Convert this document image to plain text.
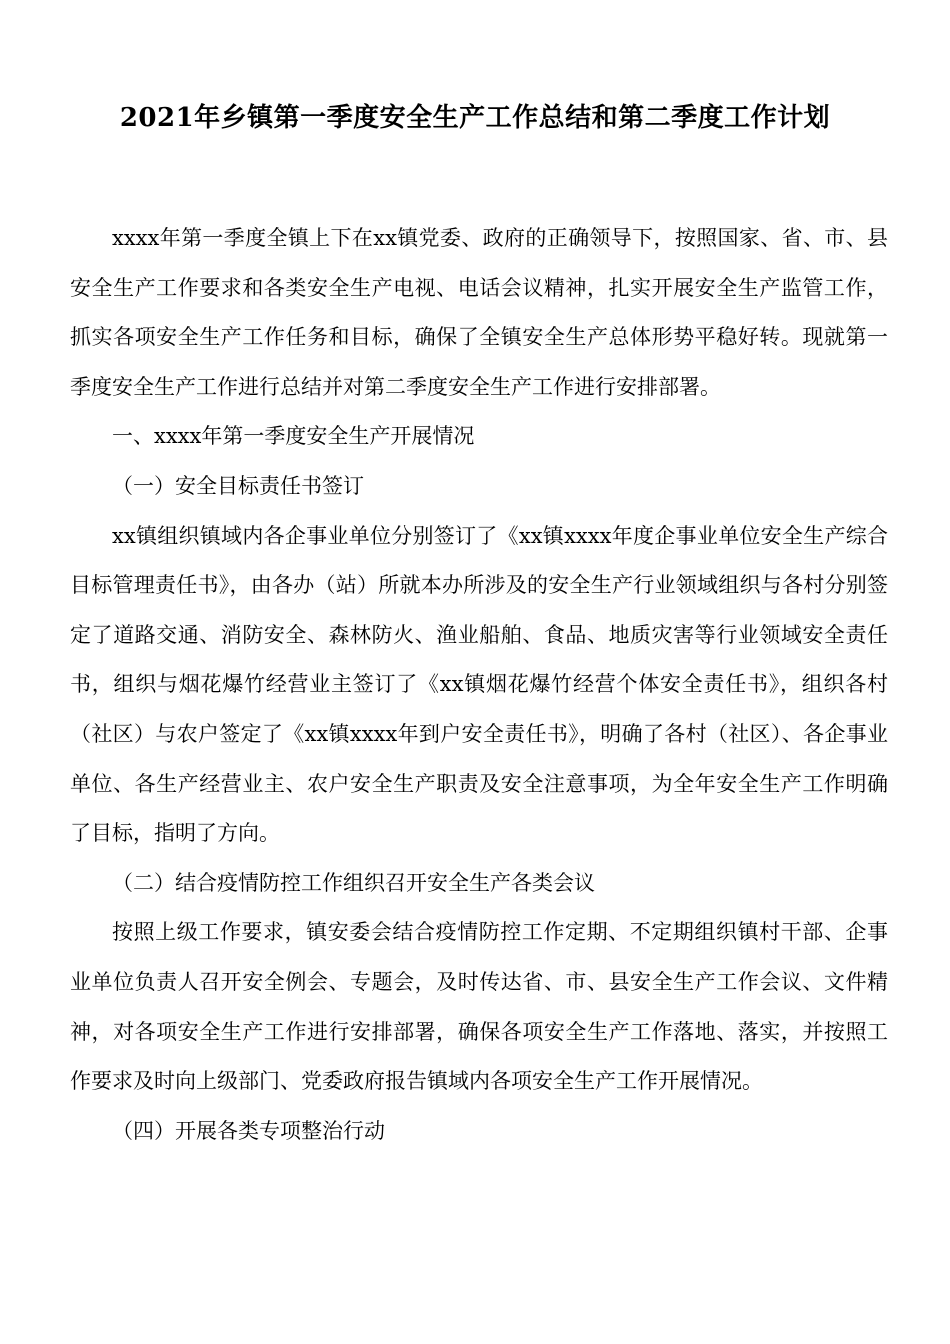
2021年乡镇第一季度安全生产工作总结和第二季度工作计划

xxxx年第一季度全镇上下在xx镇党委、政府的正确领导下，按照国家、省、市、县安全生产工作要求和各类安全生产电视、电话会议精神，扎实开展安全生产监管工作，抓实各项安全生产工作任务和目标，确保了全镇安全生产总体形势平稳好转。现就第一季度安全生产工作进行总结并对第二季度安全生产工作进行安排部署。

一、xxxx年第一季度安全生产开展情况

（一）安全目标责任书签订

xx镇组织镇域内各企事业单位分别签订了《xx镇xxxx年度企事业单位安全生产综合目标管理责任书》，由各办（站）所就本办所涉及的安全生产行业领域组织与各村分别签定了道路交通、消防安全、森林防火、渔业船舶、食品、地质灾害等行业领域安全责任书，组织与烟花爆竹经营业主签订了《xx镇烟花爆竹经营个体安全责任书》，组织各村（社区）与农户签定了《xx镇xxxx年到户安全责任书》，明确了各村（社区）、各企事业单位、各生产经营业主、农户安全生产职责及安全注意事项，为全年安全生产工作明确了目标，指明了方向。

（二）结合疫情防控工作组织召开安全生产各类会议

按照上级工作要求，镇安委会结合疫情防控工作定期、不定期组织镇村干部、企事业单位负责人召开安全例会、专题会，及时传达省、市、县安全生产工作会议、文件精神，对各项安全生产工作进行安排部署，确保各项安全生产工作落地、落实，并按照工作要求及时向上级部门、党委政府报告镇域内各项安全生产工作开展情况。

（四）开展各类专项整治行动
